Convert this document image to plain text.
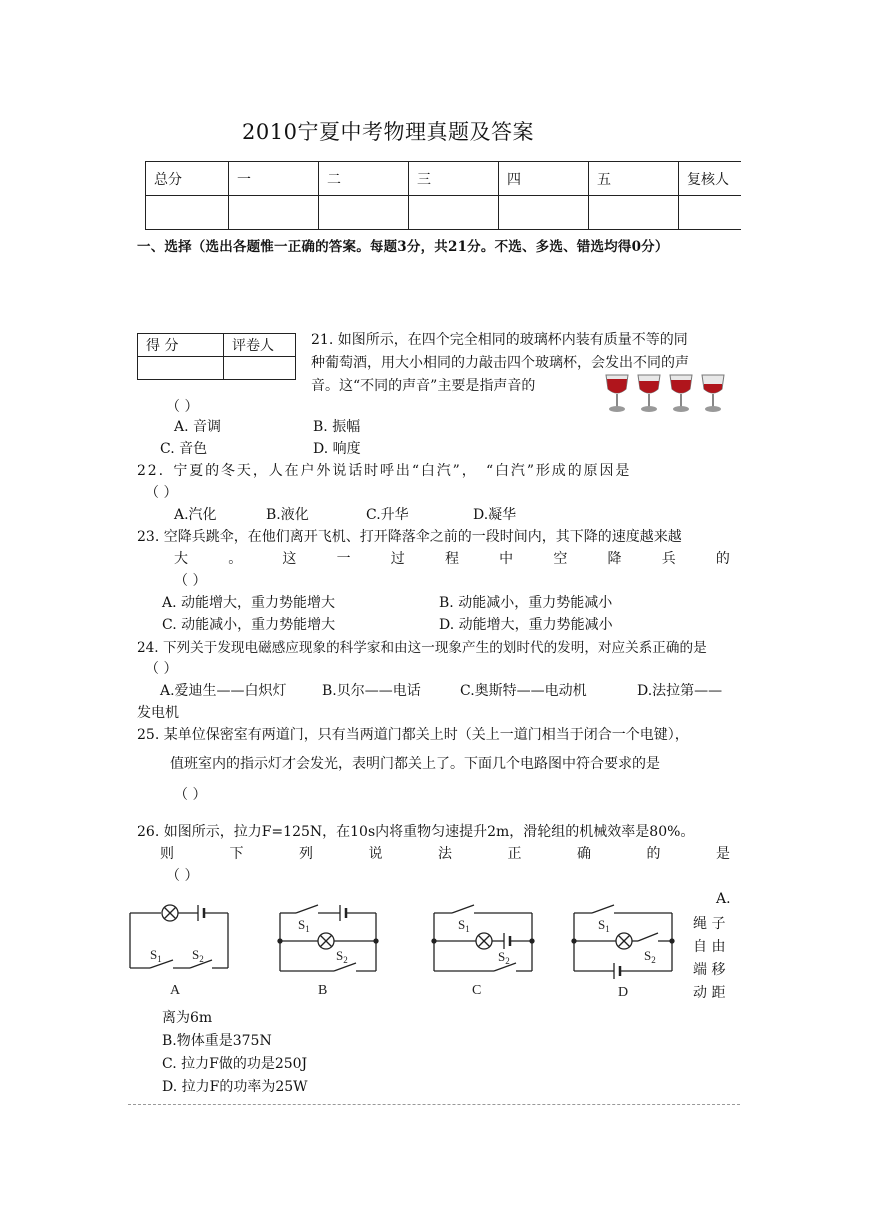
2010宁夏中考物理真题及答案
总分	一	二	三	四	五	复核人

一、选择（选出各题惟一正确的答案。每题3分，共21分。不选、多选、错选均得0分）
得 分	评卷人
		21. 如图所示，在四个完全相同的玻璃杯内装有质量不等的同
种葡萄酒，用大小相同的力敲击四个玻璃杯，会发出不同的声
音。这“不同的声音”主要是指声音的
（ ）
A. 音调	B. 振幅
C. 音色	D. 响度
22. 宁夏的冬天，人在户外说话时呼出“白汽”， “白汽”形成的原因是
（ ）
A.汽化	B.液化	C.升华	D.凝华
23. 空降兵跳伞，在他们离开飞机、打开降落伞之前的一段时间内，其下降的速度越来越
大	。	这	一	过	程	中	空	降	兵	的
（ ）
A. 动能增大，重力势能增大	B. 动能减小，重力势能减小
C. 动能减小，重力势能增大	D. 动能增大，重力势能减小
24. 下列关于发现电磁感应现象的科学家和由这一现象产生的划时代的发明，对应关系正确的是
（ ）
A.爱迪生——白炽灯	B.贝尔——电话	C.奥斯特——电动机	D.法拉第——
发电机
25. 某单位保密室有两道门，只有当两道门都关上时（关上一道门相当于闭合一个电键），
值班室内的指示灯才会发光，表明门都关上了。下面几个电路图中符合要求的是
（ ）
26. 如图所示，拉力F=125N，在10s内将重物匀速提升2m，滑轮组的机械效率是80%。
则	下	列	说	法	正	确	的	是
（ ）
A.
绳 子
自 由
端 移
动 距
离为6m
B.物体重是375N
C. 拉力F做的功是250J
D. 拉力F的功率为25W
$S_1$ $S_2$
A
$S_1$
$S_2$
B
$S_1$
$S_2$
C
$S_1$
$S_2$
D
